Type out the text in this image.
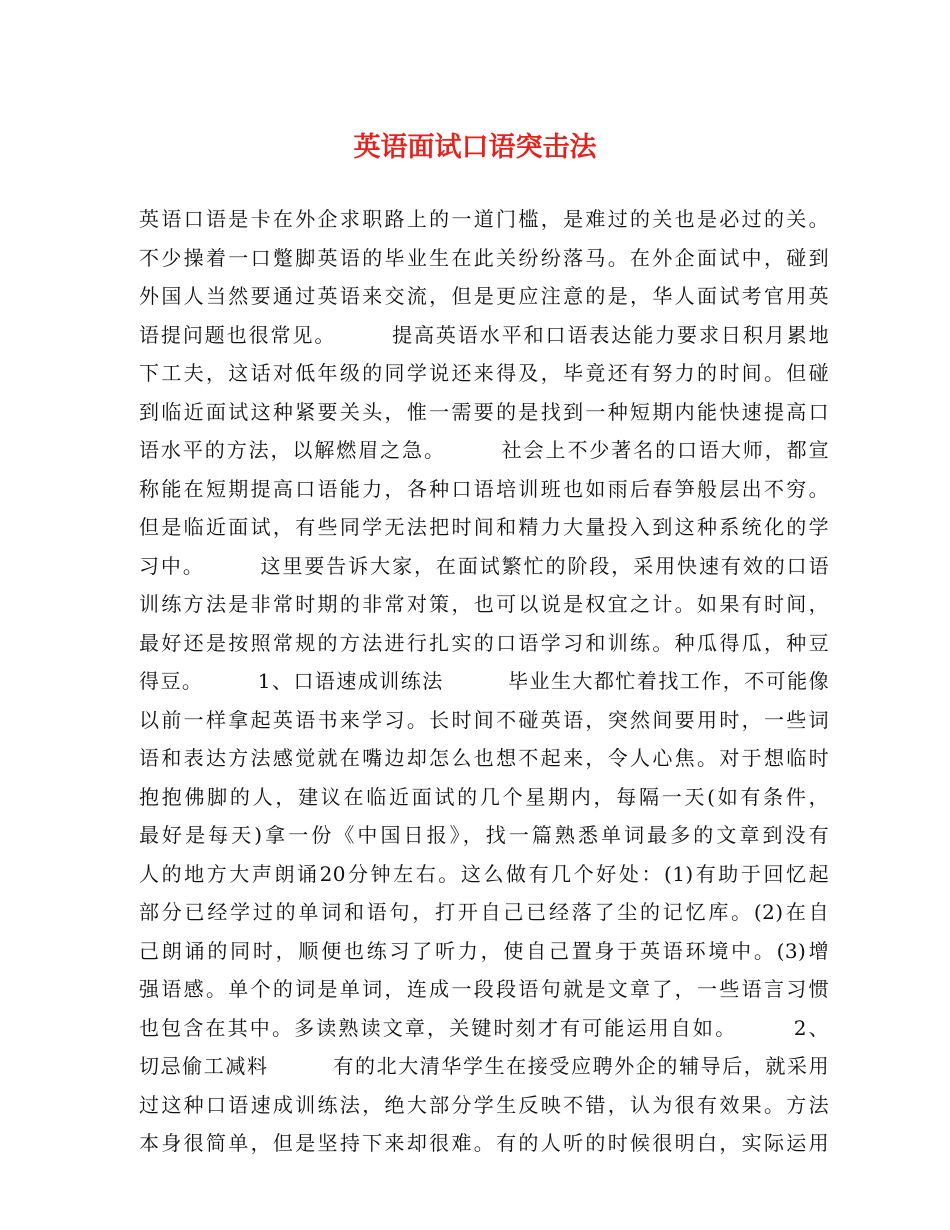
英语面试口语突击法
英语口语是卡在外企求职路上的一道门槛，是难过的关也是必过的关。
不少操着一口蹩脚英语的毕业生在此关纷纷落马。在外企面试中，碰到
外国人当然要通过英语来交流，但是更应注意的是，华人面试考官用英
语提问题也很常见。　　　提高英语水平和口语表达能力要求日积月累地
下工夫，这话对低年级的同学说还来得及，毕竟还有努力的时间。但碰
到临近面试这种紧要关头，惟一需要的是找到一种短期内能快速提高口
语水平的方法，以解燃眉之急。　　　社会上不少著名的口语大师，都宣
称能在短期提高口语能力，各种口语培训班也如雨后春笋般层出不穷。
但是临近面试，有些同学无法把时间和精力大量投入到这种系统化的学
习中。　　　这里要告诉大家，在面试繁忙的阶段，采用快速有效的口语
训练方法是非常时期的非常对策，也可以说是权宜之计。如果有时间，
最好还是按照常规的方法进行扎实的口语学习和训练。种瓜得瓜，种豆
得豆。　　　1、口语速成训练法　　　毕业生大都忙着找工作，不可能像
以前一样拿起英语书来学习。长时间不碰英语，突然间要用时，一些词
语和表达方法感觉就在嘴边却怎么也想不起来，令人心焦。对于想临时
抱抱佛脚的人，建议在临近面试的几个星期内，每隔一天(如有条件，
最好是每天)拿一份《中国日报》，找一篇熟悉单词最多的文章到没有
人的地方大声朗诵20分钟左右。这么做有几个好处：(1)有助于回忆起
部分已经学过的单词和语句，打开自己已经落了尘的记忆库。(2)在自
己朗诵的同时，顺便也练习了听力，使自己置身于英语环境中。(3)增
强语感。单个的词是单词，连成一段段语句就是文章了，一些语言习惯
也包含在其中。多读熟读文章，关键时刻才有可能运用自如。　　　2、
切忌偷工减料　　　有的北大清华学生在接受应聘外企的辅导后，就采用
过这种口语速成训练法，绝大部分学生反映不错，认为很有效果。方法
本身很简单，但是坚持下来却很难。有的人听的时候很明白，实际运用
